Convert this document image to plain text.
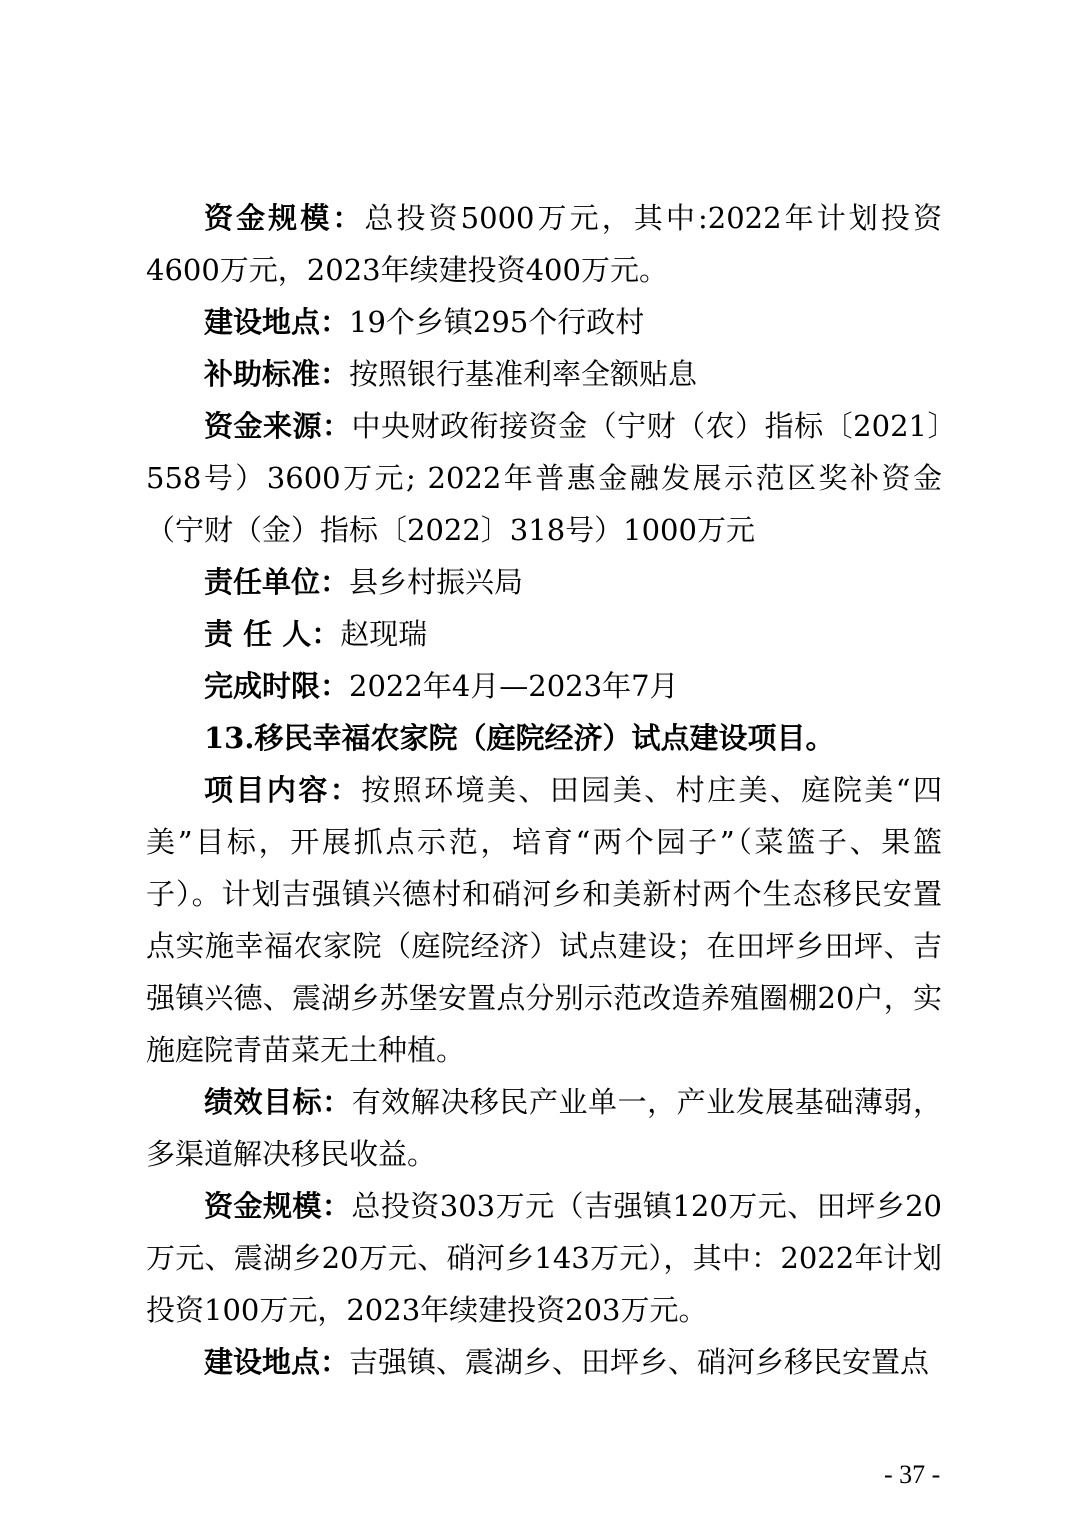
资金规模：总投资5000万元，其中:2022年计划投资4600万元，2023年续建投资400万元。

建设地点：19个乡镇295个行政村

补助标准：按照银行基准利率全额贴息

资金来源：中央财政衔接资金（宁财（农）指标〔2021〕558号）3600万元; 2022年普惠金融发展示范区奖补资金（宁财（金）指标〔2022〕318号）1000万元

责任单位：县乡村振兴局

责 任 人：赵现瑞

完成时限：2022年4月—2023年7月

13.移民幸福农家院（庭院经济）试点建设项目。

项目内容：按照环境美、田园美、村庄美、庭院美“四美”目标，开展抓点示范，培育“两个园子”（菜篮子、果篮子）。计划吉强镇兴德村和硝河乡和美新村两个生态移民安置点实施幸福农家院（庭院经济）试点建设；在田坪乡田坪、吉强镇兴德、震湖乡苏堡安置点分别示范改造养殖圈棚20户，实施庭院青苗菜无土种植。

绩效目标：有效解决移民产业单一，产业发展基础薄弱，多渠道解决移民收益。

资金规模：总投资303万元（吉强镇120万元、田坪乡20万元、震湖乡20万元、硝河乡143万元），其中：2022年计划投资100万元，2023年续建投资203万元。

建设地点：吉强镇、震湖乡、田坪乡、硝河乡移民安置点

- 37 -
